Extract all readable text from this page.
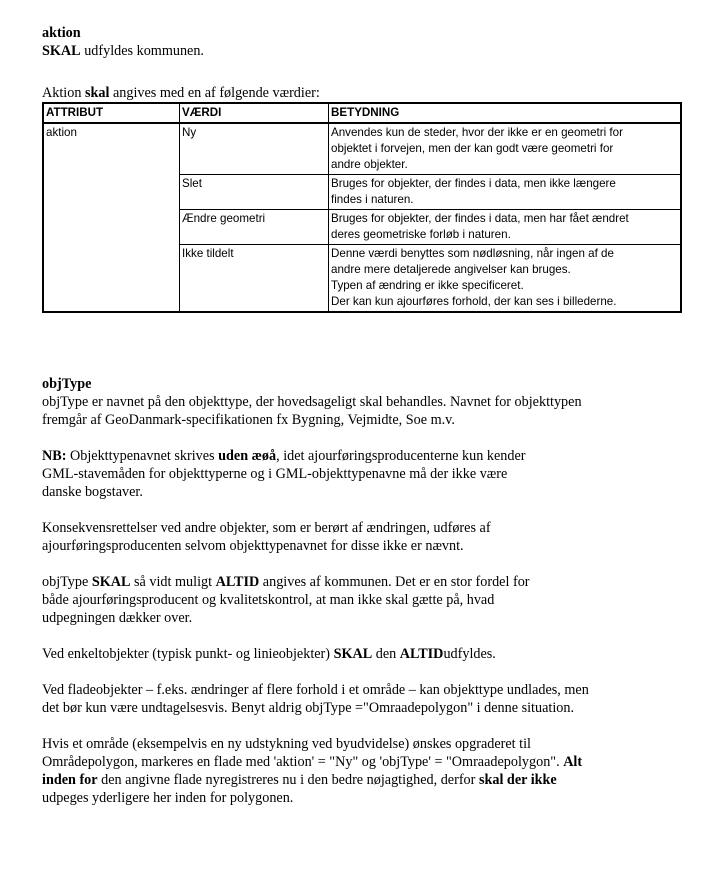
aktion

SKAL udfyldes kommunen.

Aktion skal angives med en af følgende værdier:

ATTRIBUT	VÆRDI	BETYDNING
aktion	Ny	Anvendes kun de steder, hvor der ikke er en geometri for
objektet i forvejen, men der kan godt være geometri for
andre objekter.

	Slet	Bruges for objekter, der findes i data, men ikke længere
findes i naturen.

	Ændre geometri	Bruges for objekter, der findes i data, men har fået ændret
deres geometriske forløb i naturen.

	Ikke tildelt	Denne værdi benyttes som nødløsning, når ingen af de
andre mere detaljerede angivelser kan bruges.
Typen af ændring er ikke specificeret.
Der kan kun ajourføres forhold, der kan ses i billederne.

objType

objType er navnet på den objekttype, der hovedsageligt skal behandles. Navnet for objekttypen
fremgår af GeoDanmark-specifikationen fx Bygning, Vejmidte, Soe m.v.

NB: Objekttypenavnet skrives uden æøå, idet ajourføringsproducenterne kun kender
GML-stavemåden for objekttyperne og i GML-objekttypenavne må der ikke være
danske bogstaver.

Konsekvensrettelser ved andre objekter, som er berørt af ændringen, udføres af
ajourføringsproducenten selvom objekttypenavnet for disse ikke er nævnt.

objType SKAL så vidt muligt ALTID angives af kommunen. Det er en stor fordel for
både ajourføringsproducent og kvalitetskontrol, at man ikke skal gætte på, hvad
udpegningen dækker over.

Ved enkeltobjekter (typisk punkt- og linieobjekter) SKAL den ALTIDudfyldes.

Ved fladeobjekter – f.eks. ændringer af flere forhold i et område – kan objekttype undlades, men
det bør kun være undtagelsesvis. Benyt aldrig objType ="Omraadepolygon" i denne situation.

Hvis et område (eksempelvis en ny udstykning ved byudvidelse) ønskes opgraderet til
Områdepolygon, markeres en flade med 'aktion' = "Ny" og 'objType' = "Omraadepolygon". Alt
inden for den angivne flade nyregistreres nu i den bedre nøjagtighed, derfor skal der ikke
udpeges yderligere her inden for polygonen.
